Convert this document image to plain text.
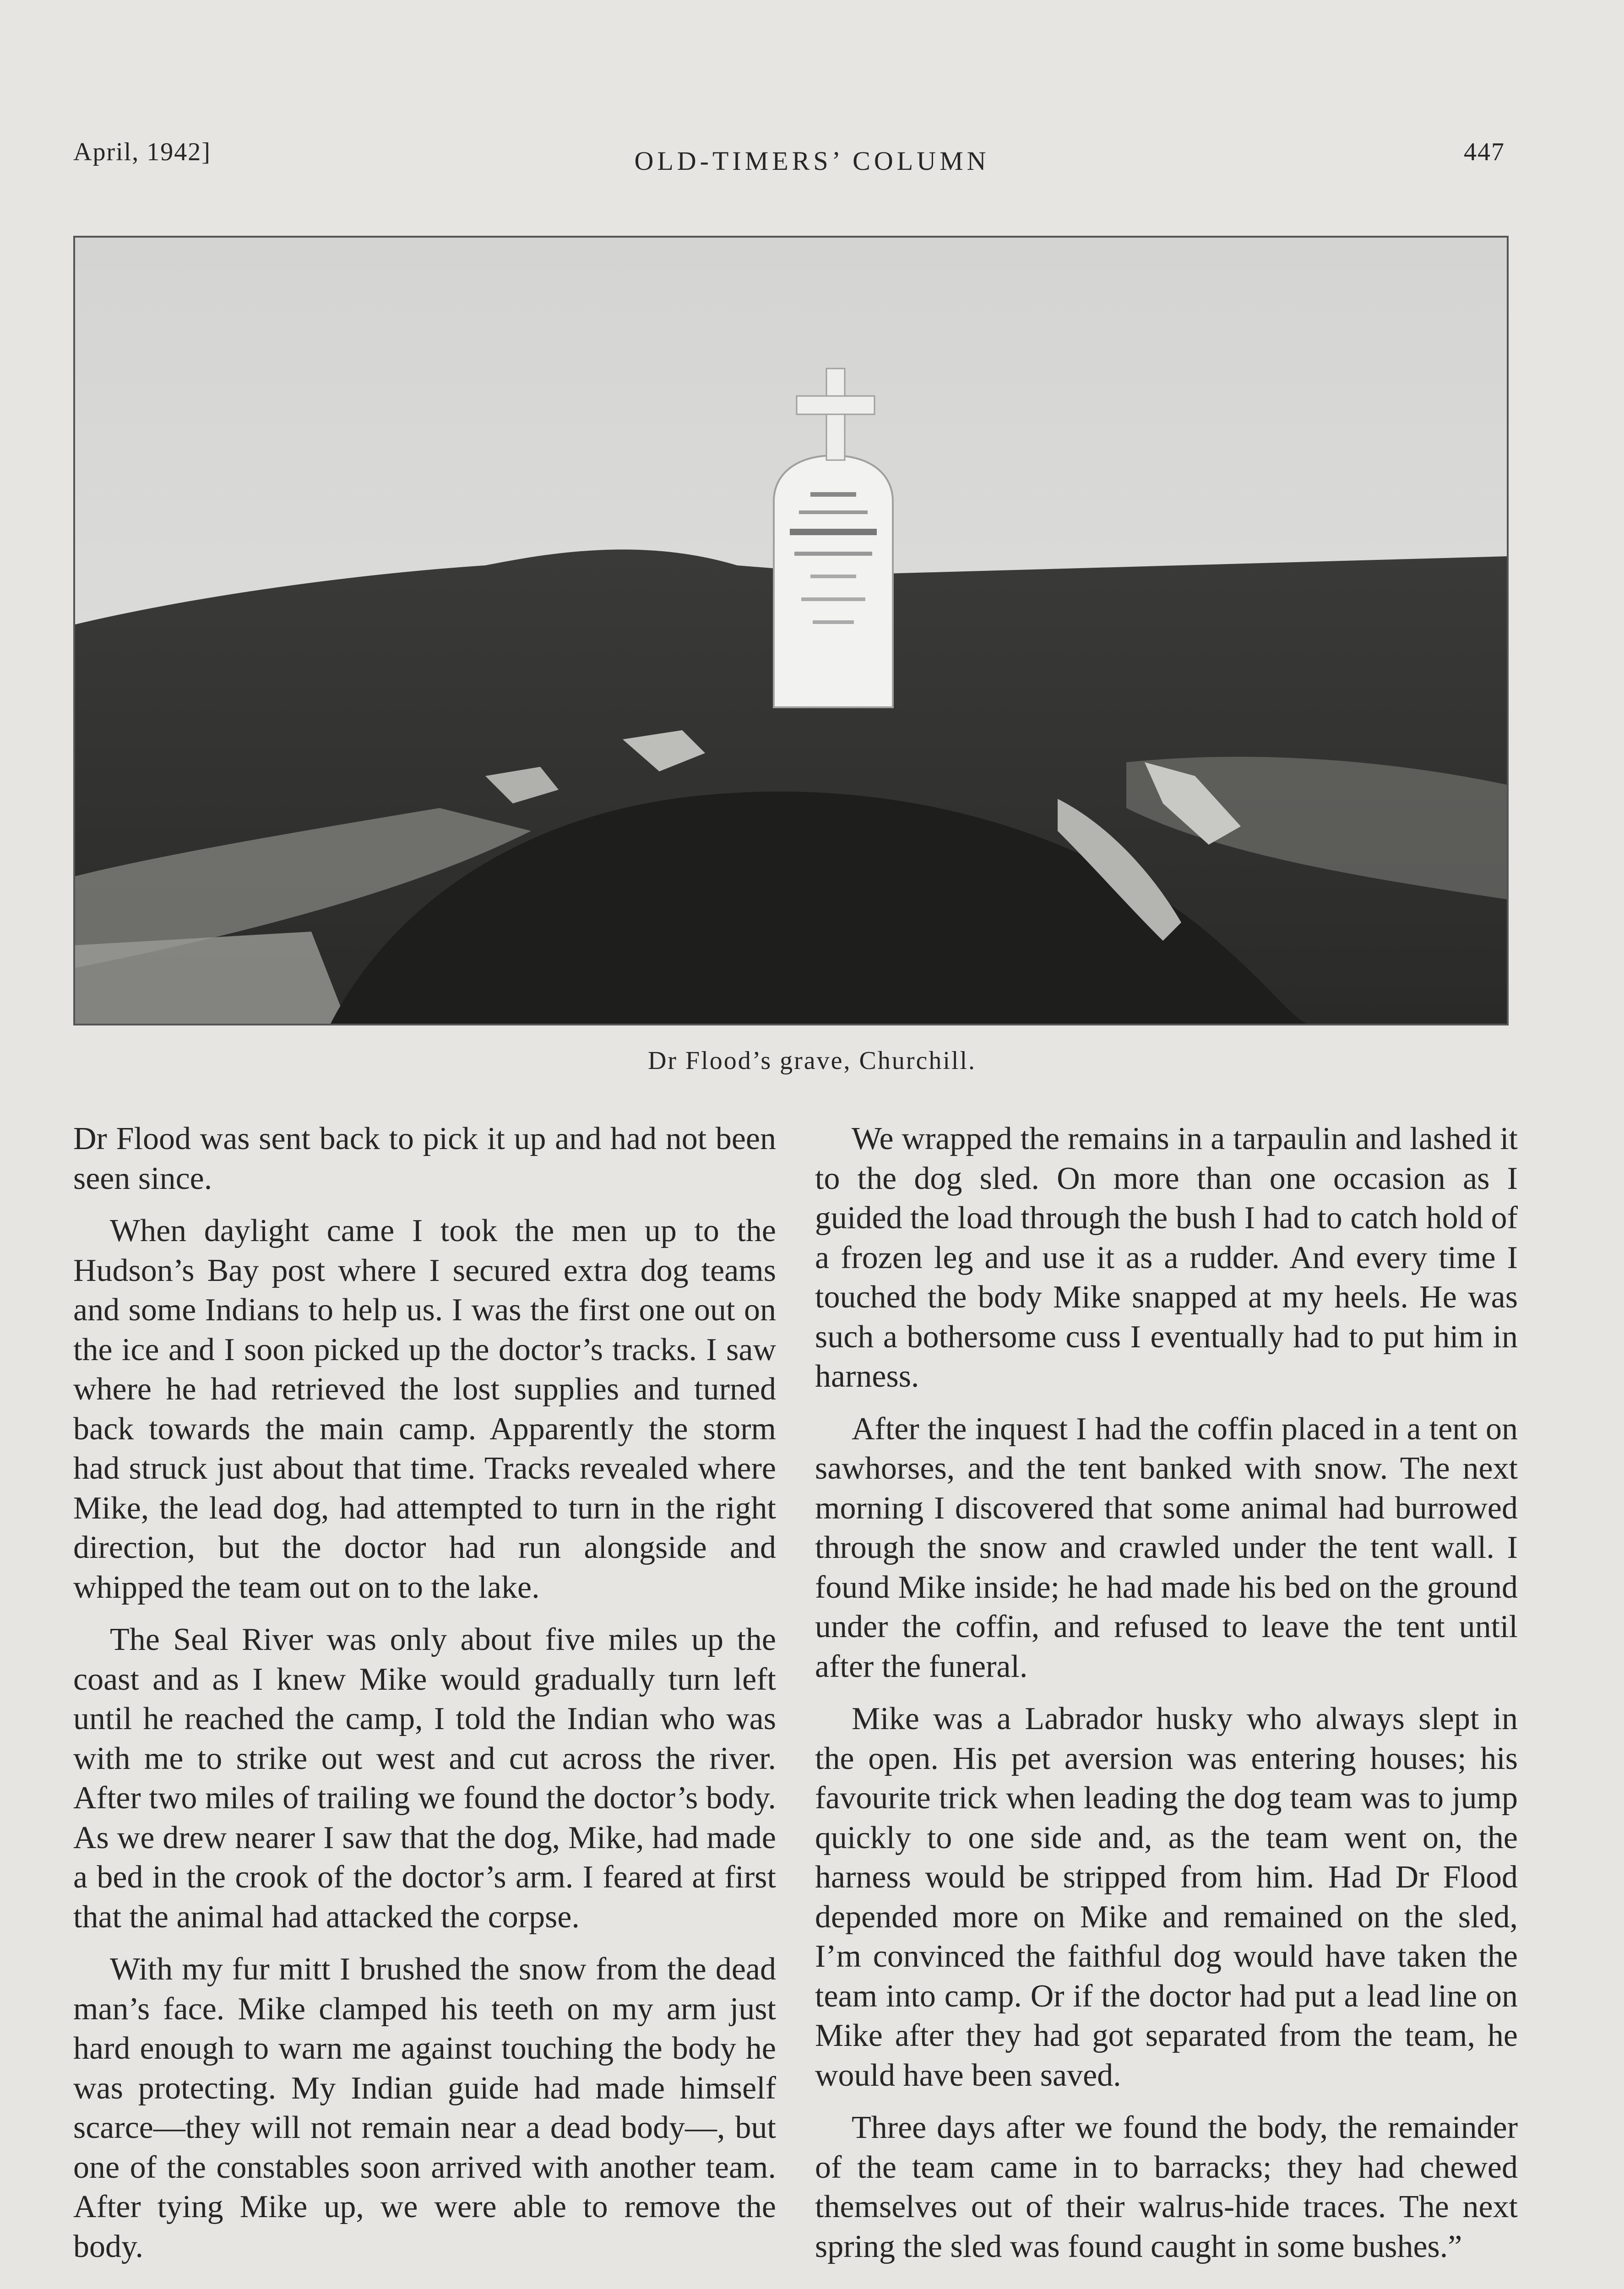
April, 1942]	OLD-TIMERS’ COLUMN	447
Dr Flood’s grave, Churchill.

Dr Flood was sent back to pick it up and had not been seen since.

When daylight came I took the men up to the Hudson’s Bay post where I secured extra dog teams and some Indians to help us. I was the first one out on the ice and I soon picked up the doctor’s tracks. I saw where he had retrieved the lost supplies and turned back towards the main camp. Apparently the storm had struck just about that time. Tracks revealed where Mike, the lead dog, had attempted to turn in the right direction, but the doctor had run alongside and whipped the team out on to the lake.

The Seal River was only about five miles up the coast and as I knew Mike would gradually turn left until he reached the camp, I told the Indian who was with me to strike out west and cut across the river. After two miles of trailing we found the doctor’s body. As we drew nearer I saw that the dog, Mike, had made a bed in the crook of the doctor’s arm. I feared at first that the animal had attacked the corpse.

With my fur mitt I brushed the snow from the dead man’s face. Mike clamped his teeth on my arm just hard enough to warn me against touching the body he was protecting. My Indian guide had made himself scarce—they will not remain near a dead body—, but one of the constables soon arrived with another team. After tying Mike up, we were able to remove the body.

We wrapped the remains in a tarpaulin and lashed it to the dog sled. On more than one occasion as I guided the load through the bush I had to catch hold of a frozen leg and use it as a rudder. And every time I touched the body Mike snapped at my heels. He was such a bothersome cuss I eventually had to put him in harness.

After the inquest I had the coffin placed in a tent on sawhorses, and the tent banked with snow. The next morning I discovered that some animal had burrowed through the snow and crawled under the tent wall. I found Mike inside; he had made his bed on the ground under the coffin, and refused to leave the tent until after the funeral.

Mike was a Labrador husky who always slept in the open. His pet aversion was entering houses; his favourite trick when leading the dog team was to jump quickly to one side and, as the team went on, the harness would be stripped from him. Had Dr Flood depended more on Mike and remained on the sled, I’m convinced the faithful dog would have taken the team into camp. Or if the doctor had put a lead line on Mike after they had got separated from the team, he would have been saved.

Three days after we found the body, the remainder of the team came in to barracks; they had chewed themselves out of their walrus-hide traces. The next spring the sled was found caught in some bushes.”
